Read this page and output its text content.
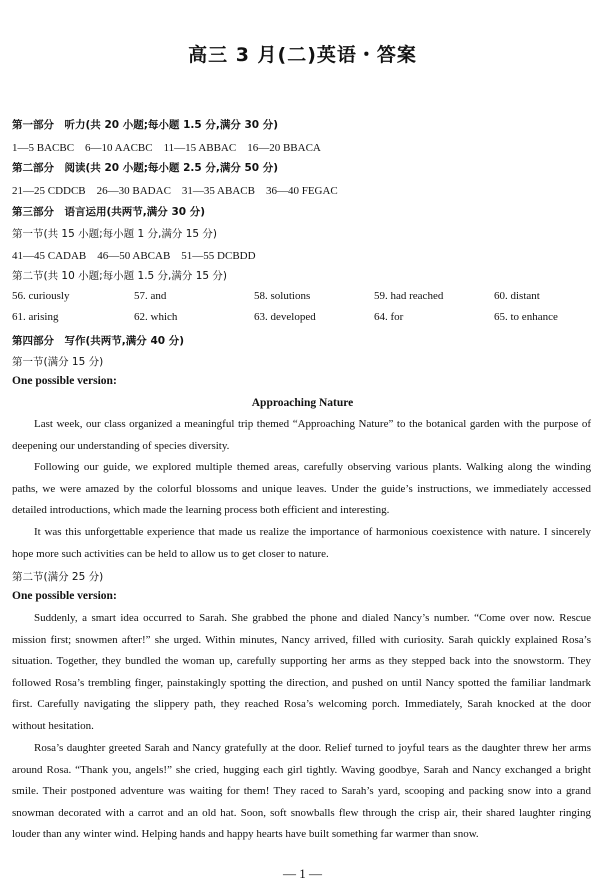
高三 3 月(二)英语・答案
第一部分　听力(共 20 小题;每小题 1.5 分,满分 30 分)
1—5 BACBC　6—10 AACBC　11—15 ABBAC　16—20 BBACA
第二部分　阅读(共 20 小题;每小题 2.5 分,满分 50 分)
21—25 CDDCB　26—30 BADAC　31—35 ABACB　36—40 FEGAC
第三部分　语言运用(共两节,满分 30 分)
第一节(共 15 小题;每小题 1 分,满分 15 分)
41—45 CADAB　46—50 ABCAB　51—55 DCBDD
第二节(共 10 小题;每小题 1.5 分,满分 15 分)
56. curiously	57. and	58. solutions	59. had reached	60. distant
61. arising	62. which	63. developed	64. for	65. to enhance
第四部分　写作(共两节,满分 40 分)
第一节(满分 15 分)
One possible version:
Approaching Nature

Last week, our class organized a meaningful trip themed “Approaching Nature” to the botanical garden with the purpose of deepening our understanding of species diversity.

Following our guide, we explored multiple themed areas, carefully observing various plants. Walking along the winding paths, we were amazed by the colorful blossoms and unique leaves. Under the guide’s instructions, we immediately accessed detailed introductions, which made the learning process both efficient and interesting.

It was this unforgettable experience that made us realize the importance of harmonious coexistence with nature. I sincerely hope more such activities can be held to allow us to get closer to nature.

第二节(满分 25 分)
One possible version:

Suddenly, a smart idea occurred to Sarah. She grabbed the phone and dialed Nancy’s number. “Come over now. Rescue mission first; snowmen after!” she urged. Within minutes, Nancy arrived, filled with curiosity. Sarah quickly explained Rosa’s situation. Together, they bundled the woman up, carefully supporting her arms as they stepped back into the snowstorm. They followed Rosa’s trembling finger, painstakingly spotting the direction, and pushed on until Nancy spotted the familiar landmark first. Carefully navigating the slippery path, they reached Rosa’s welcoming porch. Immediately, Sarah knocked at the door without hesitation.

Rosa’s daughter greeted Sarah and Nancy gratefully at the door. Relief turned to joyful tears as the daughter threw her arms around Rosa. “Thank you, angels!” she cried, hugging each girl tightly. Waving goodbye, Sarah and Nancy exchanged a bright smile. Their postponed adventure was waiting for them! They raced to Sarah’s yard, scooping and packing snow into a grand snowman decorated with a carrot and an old hat. Soon, soft snowballs flew through the crisp air, their shared laughter ringing louder than any winter wind. Helping hands and happy hearts have built something far warmer than snow.

— 1 —
